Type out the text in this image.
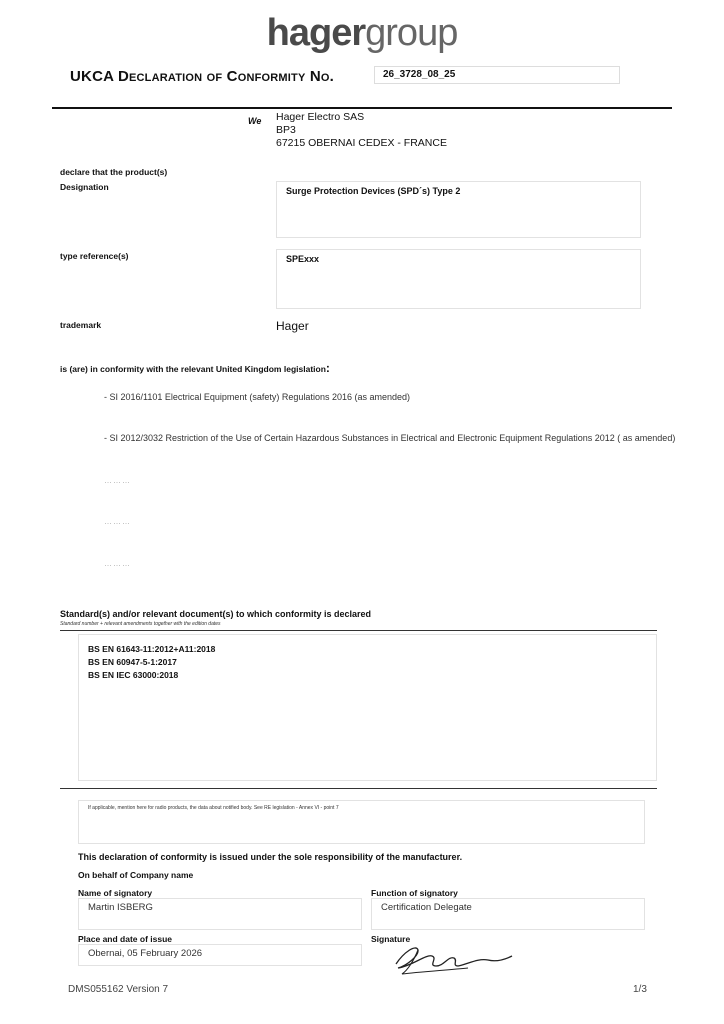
hagergroup
UKCA Declaration of Conformity No.	26_3728_08_25
We Hager Electro SAS
BP3
67215 OBERNAI CEDEX - FRANCE
declare that the product(s)
Designation	Surge Protection Devices (SPD´s) Type 2
type reference(s)	SPExxx
trademark	Hager
is (are) in conformity with the relevant United Kingdom legislation:
- SI 2016/1101 Electrical Equipment (safety) Regulations 2016 (as amended)
- SI 2012/3032 Restriction of the Use of Certain Hazardous Substances in Electrical and Electronic Equipment Regulations 2012 ( as amended)
………
………
………
Standard(s) and/or relevant document(s) to which conformity is declared
Standard number + relevant amendments together with the edition dates
BS EN 61643-11:2012+A11:2018
BS EN 60947-5-1:2017
BS EN IEC 63000:2018
If applicable, mention here for radio products, the data about notified body. See RE legislation - Annex VI - point 7
This declaration of conformity is issued under the sole responsibility of the manufacturer.
On behalf of Company name
Name of signatory
Martin ISBERG
Function of signatory
Certification Delegate
Place and date of issue
Obernai, 05 February 2026
Signature
DMS055162 Version 7	1/3
